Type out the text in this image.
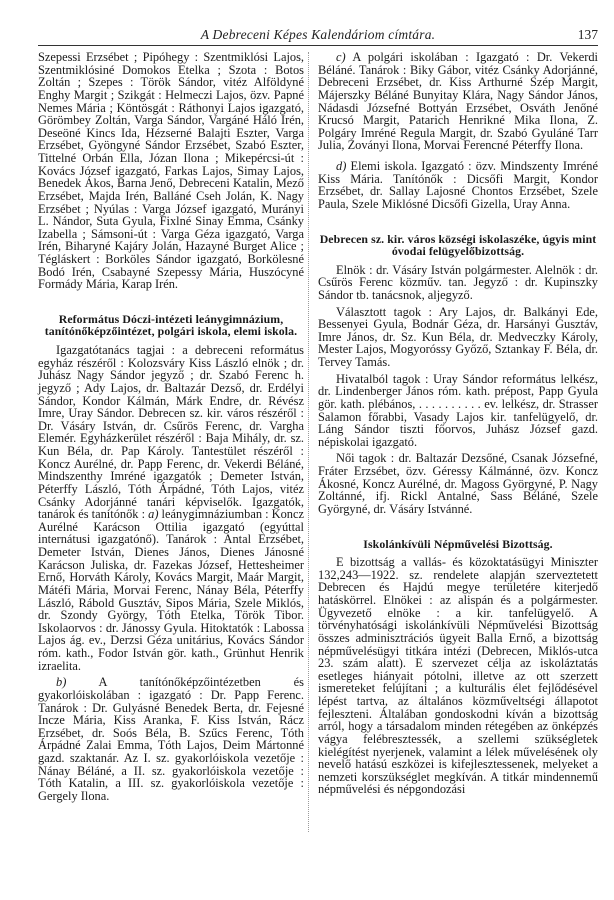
A Debreceni Képes Kalendáriom címtára.	137

Szepessi Erzsébet ; Pipóhegy : Szentmiklósi Lajos, Szentmiklósiné Domokos Etelka ; Szota : Botos Zoltán ; Szepes : Török Sándor, vitéz Alföldyné Enghy Margit ; Szikgát : Helmeczi Lajos, özv. Papné Nemes Mária ; Köntösgát : Ráthonyi Lajos igazgató, Görömbey Zoltán, Varga Sándor, Vargáné Háló Irén, Deseöné Kincs Ida, Hézserné Balajti Eszter, Varga Erzsébet, Gyöngyné Sándor Erzsébet, Szabó Eszter, Tittelné Orbán Ella, Józan Ilona ; Mikepércsi-út : Kovács József igazgató, Farkas Lajos, Simay Lajos, Benedek Ákos, Barna Jenő, Debreceni Katalin, Mező Erzsébet, Majda Irén, Balláné Cseh Jolán, K. Nagy Erzsébet ; Nyúlas : Varga József igazgató, Murányi L. Nándor, Suta Gyula, Fixlné Sinay Emma, Csánky Izabella ; Sámsoni-út : Varga Géza igazgató, Varga Irén, Biharyné Kajáry Jolán, Hazayné Burget Alice ; Tégláskert : Borköles Sándor igazgató, Borkölesné Bodó Irén, Csabayné Szepessy Mária, Huszócyné Formády Mária, Karap Irén.

Református Dóczi-intézeti leánygimnázium, tanítónőképzőintézet, polgári iskola, elemi iskola.

Igazgatótanács tagjai : a debreceni református egyház részéről : Kolozsváry Kiss László elnök ; dr. Juhász Nagy Sándor jegyző ; dr. Szabó Ferenc h. jegyző ; Ady Lajos, dr. Baltazár Dezső, dr. Erdélyi Sándor, Kondor Kálmán, Márk Endre, dr. Révész Imre, Uray Sándor. Debrecen sz. kir. város részéről : Dr. Vásáry István, dr. Csűrös Ferenc, dr. Vargha Elemér. Egyházkerület részéről : Baja Mihály, dr. sz. Kun Béla, dr. Pap Károly. Tantestület részéről : Koncz Aurélné, dr. Papp Ferenc, dr. Vekerdi Béláné, Mindszenthy Imréné igazgatók ; Demeter István, Péterffy László, Tóth Árpádné, Tóth Lajos, vitéz Csánky Adorjánné tanári képviselők. Igazgatók, tanárok és tanítónők : a) leánygimnáziumban : Koncz Aurélné Karácson Ottilia igazgató (egyúttal internátusi igazgatónő). Tanárok : Antal Erzsébet, Demeter István, Dienes János, Dienes Jánosné Karácson Juliska, dr. Fazekas József, Hettesheimer Ernő, Horváth Károly, Kovács Margit, Maár Margit, Mátéfi Mária, Morvai Ferenc, Nánay Béla, Péterffy László, Rábold Gusztáv, Sipos Mária, Szele Miklós, dr. Szondy György, Tóth Etelka, Török Tibor. Iskolaorvos : dr. Jánossy Gyula. Hitoktatók : Labossa Lajos ág. ev., Derzsi Géza unitárius, Kovács Sándor róm. kath., Fodor István gör. kath., Grünhut Henrik izraelita.

b) A tanítónőképzőintézetben és gyakorlóiskolában : igazgató : Dr. Papp Ferenc. Tanárok : Dr. Gulyásné Benedek Berta, dr. Fejesné Incze Mária, Kiss Aranka, F. Kiss István, Rácz Erzsébet, dr. Soós Béla, B. Szűcs Ferenc, Tóth Árpádné Zalai Emma, Tóth Lajos, Deim Mártonné gazd. szaktanár. Az I. sz. gyakorlóiskola vezetője : Nánay Béláné, a II. sz. gyakorlóiskola vezetője : Tóth Katalin, a III. sz. gyakorlóiskola vezetője : Gergely Ilona.

c) A polgári iskolában : Igazgató : Dr. Vekerdi Béláné. Tanárok : Biky Gábor, vitéz Csánky Adorjánné, Debreceni Erzsébet, dr. Kiss Arthurné Szép Margit, Májerszky Béláné Bunyitay Klára, Nagy Sándor János, Nádasdi Józsefné Bottyán Erzsébet, Osváth Jenőné Krucsó Margit, Patarich Henrikné Mika Ilona, Z. Polgáry Imréné Regula Margit, dr. Szabó Gyuláné Tarr Julia, Zoványi Ilona, Morvai Ferencné Péterffy Ilona.

d) Elemi iskola. Igazgató : özv. Mindszenty Imréné Kiss Mária. Tanítónők : Dicsőfi Margit, Kondor Erzsébet, dr. Sallay Lajosné Chontos Erzsébet, Szele Paula, Szele Miklósné Dicsőfi Gizella, Uray Anna.

Debrecen sz. kir. város községi iskolaszéke, úgyis mint óvodai felügyelőbizottság.

Elnök : dr. Vásáry István polgármester. Alelnök : dr. Csűrös Ferenc közműv. tan. Jegyző : dr. Kupinszky Sándor tb. tanácsnok, aljegyző.

Választott tagok : Ary Lajos, dr. Balkányi Ede, Bessenyei Gyula, Bodnár Géza, dr. Harsányi Gusztáv, Imre János, dr. Sz. Kun Béla, dr. Medveczky Károly, Mester Lajos, Mogyoróssy Győző, Sztankay F. Béla, dr. Tervey Tamás.

Hivatalból tagok : Uray Sándor református lelkész, dr. Lindenberger János róm. kath. prépost, Papp Gyula gör. kath. plébános, . . . . . . . . . . ev. lelkész, dr. Strasser Salamon főrabbi, Vasady Lajos kir. tanfelügyelő, dr. Láng Sándor tiszti főorvos, Juhász József gazd. népiskolai igazgató.

Női tagok : dr. Baltazár Dezsőné, Csanak Józsefné, Fráter Erzsébet, özv. Géressy Kálmánné, özv. Koncz Ákosné, Koncz Aurélné, dr. Magoss Györgyné, P. Nagy Zoltánné, ifj. Rickl Antalné, Sass Béláné, Szele Györgyné, dr. Vásáry Istvánné.

Iskolánkívüli Népművelési Bizottság.

E bizottság a vallás- és közoktatásügyi Miniszter 132,243—1922. sz. rendelete alapján szerveztetett Debrecen és Hajdú megye területére kiterjedő hatáskörrel. Elnökei : az alispán és a polgármester. Ügyvezető elnöke : a kir. tanfelügyelő. A törvényhatósági iskolánkívüli Népművelési Bizottság összes adminisztrációs ügyeit Balla Ernő, a bizottság népművelésügyi titkára intézi (Debrecen, Miklós-utca 23. szám alatt). E szervezet célja az iskoláztatás esetleges hiányait pótolni, illetve az ott szerzett ismereteket felújítani ; a kulturális élet fejlődésével lépést tartva, az általános közműveltségi állapotot fejleszteni. Általában gondoskodni kíván a bizottság arról, hogy a társadalom minden rétegében az önképzés vágya felébresztessék, a szellemi szükségletek kielégítést nyerjenek, valamint a lélek művelésének oly nevelő hatású eszközei is kifejlesztessenek, melyeket a nemzeti korszükséglet megkíván. A titkár mindennemű népművelési és népgondozási
